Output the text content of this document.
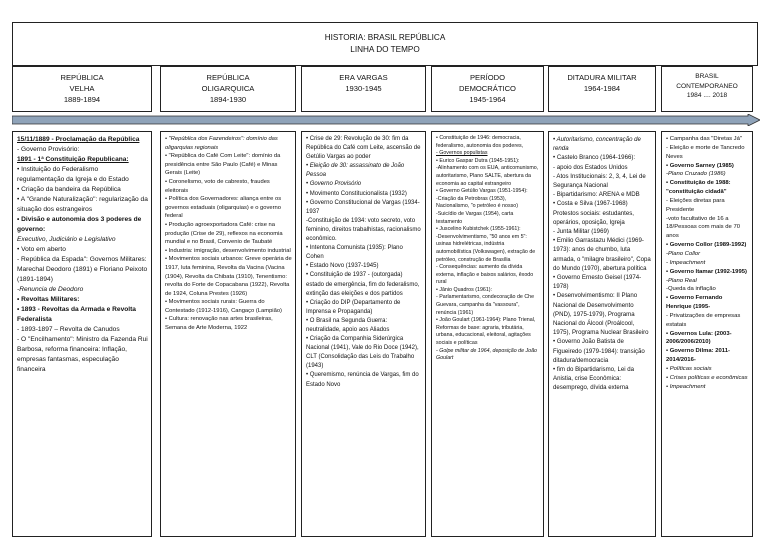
HISTORIA: BRASIL REPÚBLICA

LINHA DO TEMPO

REPÚBLICA

VELHA

1889-1894

REPÚBLICA

OLIGARQUICA

1894-1930

ERA VARGAS

1930-1945

PERÍODO

DEMOCRÁTICO

1945-1964

DITADURA MILITAR

1964-1984

BRASIL

CONTEMPORANEO

1984 .... 2018

15/11/1889 - Proclamação da República

- Governo Provisório:

1891 - 1ª Constituição Republicana:

• Instituição do Federalismo

regulamentação da Igreja e do Estado

• Criação da bandeira da República

• A "Grande Naturalização": regularização da situação dos estrangeiros

• Divisão e autonomia dos 3 poderes de governo:

Executivo, Judiciário e Legislativo

• Voto em aberto

- República da Espada": Governos Militares: Marechal Deodoro (1891) e Floriano Peixoto (1891-1894)

-Renuncia de Deodoro

• Revoltas Militares:

• 1893 - Revoltas da Armada e Revolta Federalista

- 1893-1897 – Revolta de Canudos

- O "Encilhamento": Ministro da Fazenda Rui Barbosa, reforma financeira: Inflação, empresas fantasmas, especulação financeira

• "República dos Fazendeiros": domínio das oligarquias regionais

• "República do Café Com Leite": domínio da presidência entre São Paulo (Café) e Minas Gerais (Leite)

• Coronelismo, voto de cabresto, fraudes eleitorais

• Política dos Governadores: aliança entre os governos estaduais (oligarquias) e o governo federal

• Produção agroexportadora Café: crise na produção (Crise de 29), reflexos na economia mundial e no Brasil, Convenio de Taubaté

• Industria: imigração, desenvolvimento industrial

• Movimentos sociais urbanos: Greve operária de 1917, luta feminina, Revolta da Vacina (Vacina (1904), Revolta da Chibata (1910), Tenentismo: revolta do Forte de Copacabana (1922), Revolta de 1924, Coluna Prestes (1926)

• Movimentos sociais rurais: Guerra do Contestado (1912-1916), Cangaço (Lampião)

• Cultura: renovação nas artes brasileiras, Semana de Arte Moderna, 1922

• Crise de 29: Revolução de 30: fim da República do Café com Leite, ascensão de Getúlio Vargas ao poder

• Eleição de 30: assassinato de João Pessoa

• Governo Provisório

• Movimento Constitucionalista (1932)

• Governo Constitucional de Vargas (1934-1937

-Constituição de 1934: voto secreto, voto feminino, direitos trabalhistas, racionalismo econômico.

• Intentona Comunista (1935): Plano Cohen

• Estado Novo (1937-1945)

• Constituição de 1937 - (outorgada) estado de emergência, fim do federalismo, extinção das eleições e dos partidos

• Criação do DIP (Departamento de Imprensa e Propaganda)

• O Brasil na Segunda Guerra: neutralidade, apoio aos Aliados

• Criação da Companhia Siderúrgica Nacional (1941), Vale do Rio Doce (1942), CLT (Consolidação das Leis do Trabalho (1943)

• Queremismo, renúncia de Vargas, fim do Estado Novo

• Constituição de 1946: democracia, federalismo, autonomia dos poderes,

- Governos populistas

• Eurico Gaspar Dutra (1945-1951):

-Alinhamento com os EUA, anticomunismo, autoritarismo, Plano SALTE, abertura da economia ao capital estrangeiro

• Governo Getúlio Vargas (1951-1954):

-Criação da Petrobras (1953), Nacionalismo, "o petróleo é nosso)

-Suicídio de Vargas (1954), carta testamento

• Juscelino Kubistchek (1955-1961):

-Desenvolvimentismo, "50 anos em 5": usinas hidrelétricas, indústria automobilística (Volkswagen), extração de petróleo, construção de Brasília

- Consequências: aumento da dívida externa, inflação e baixos salários, êxodo rural

• Jânio Quadros (1961):

- Parlamentarismo, condecoração de Che Guevara, campanha da "vassoura", renúncia (1961)

• João Goulart (1961-1964): Plano Trienal, Reformas de base: agraria, tributária, urbana, educacional, eleitoral, agitações sociais e políticas

- Golpe militar de 1964, deposição de João Goulart

• Autoritarismo, concentração de renda

• Castelo Branco (1964-1966):

- apoio dos Estados Unidos

- Atos Institucionais: 2, 3, 4, Lei de Segurança Nacional

- Bipartidarismo: ARENA e MDB

• Costa e Silva (1967-1968)

Protestos sociais: estudantes, operários, oposição, Igreja

- Junta Militar (1969)

• Emilio Garrastazu Médici (1969-1973): anos de chumbo, luta armada, o "milagre brasileiro", Copa do Mundo (1970), abertura política

• Governo Ernesto Geisel (1974-1978)

• Desenvolvimentismo: II Plano Nacional de Desenvolvimento (PND), 1975-1979), Programa Nacional do Álcool (Proálcool, 1975), Programa Nuclear Brasileiro

• Governo João Batista de Figueiredo (1979-1984): transição ditadura/democracia

• fim do Bipartidarismo, Lei da Anistia, crise Econômica: desemprego, dívida externa

• Campanha das "Diretas Já"

- Eleição e morte de Tancredo Neves

• Governo Sarney (1985)

-Plano Cruzado (1986)

• Constituição de 1988: "constituição cidadã"

- Eleições diretas para Presidente

-voto facultativo de 16 a 18/Pessoas com mais de 70 anos

• Governo Collor (1989-1992)

-Plano Collor

- Impeachment

• Governo Itamar (1992-1995)

-Plano Real

-Queda da inflação

• Governo Fernando Henrique (1995-

- Privatizações de empresas estatais

• Governos Lula: (2003-2006/2006/2010)

• Governo Dilma: 2011-2014/2016-

• Políticas sociais

• Crises políticas e econômicas

• Impeachment
